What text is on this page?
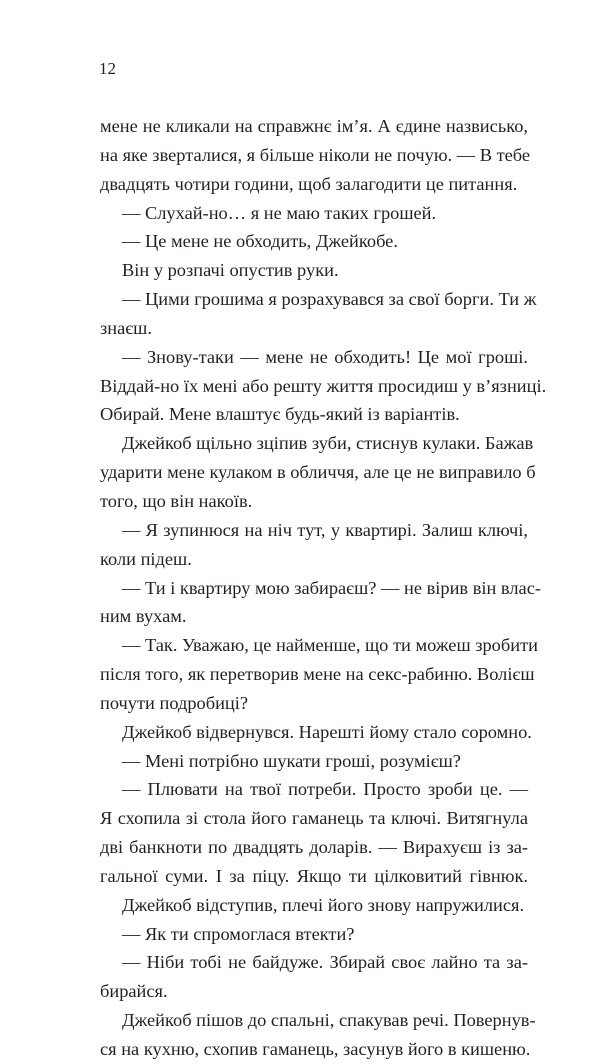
12
мене не кликали на справжнє ім’я. А єдине назвисько,
на яке зверталися, я більше ніколи не почую. — В тебе
двадцять чотири години, щоб залагодити це питання.
— Слухай-но… я не маю таких грошей.
— Це мене не обходить, Джейкобе.
Він у розпачі опустив руки.
— Цими грошима я розрахувався за свої борги. Ти ж
знаєш.
— Знову-таки — мене не обходить! Це мої гроші.
Віддай-но їх мені або решту життя просидиш у в’язниці.
Обирай. Мене влаштує будь-який із варіантів.
Джейкоб щільно зціпив зуби, стиснув кулаки. Бажав
ударити мене кулаком в обличчя, але це не виправило б
того, що він накоїв.
— Я зупинюся на ніч тут, у квартирі. Залиш ключі,
коли підеш.
— Ти і квартиру мою забираєш? — не вірив він влас-
ним вухам.
— Так. Уважаю, це найменше, що ти можеш зробити
після того, як перетворив мене на секс-рабиню. Волієш
почути подробиці?
Джейкоб відвернувся. Нарешті йому стало соромно.
— Мені потрібно шукати гроші, розумієш?
— Плювати на твої потреби. Просто зроби це. —
Я схопила зі стола його гаманець та ключі. Витягнула
дві банкноти по двадцять доларів. — Вирахуєш із за-
гальної суми. І за піцу. Якщо ти цілковитий гівнюк.
Джейкоб відступив, плечі його знову напружилися.
— Як ти спромоглася втекти?
— Ніби тобі не байдуже. Збирай своє лайно та за-
бирайся.
Джейкоб пішов до спальні, спакував речі. Повернув-
ся на кухню, схопив гаманець, засунув його в кишеню.
